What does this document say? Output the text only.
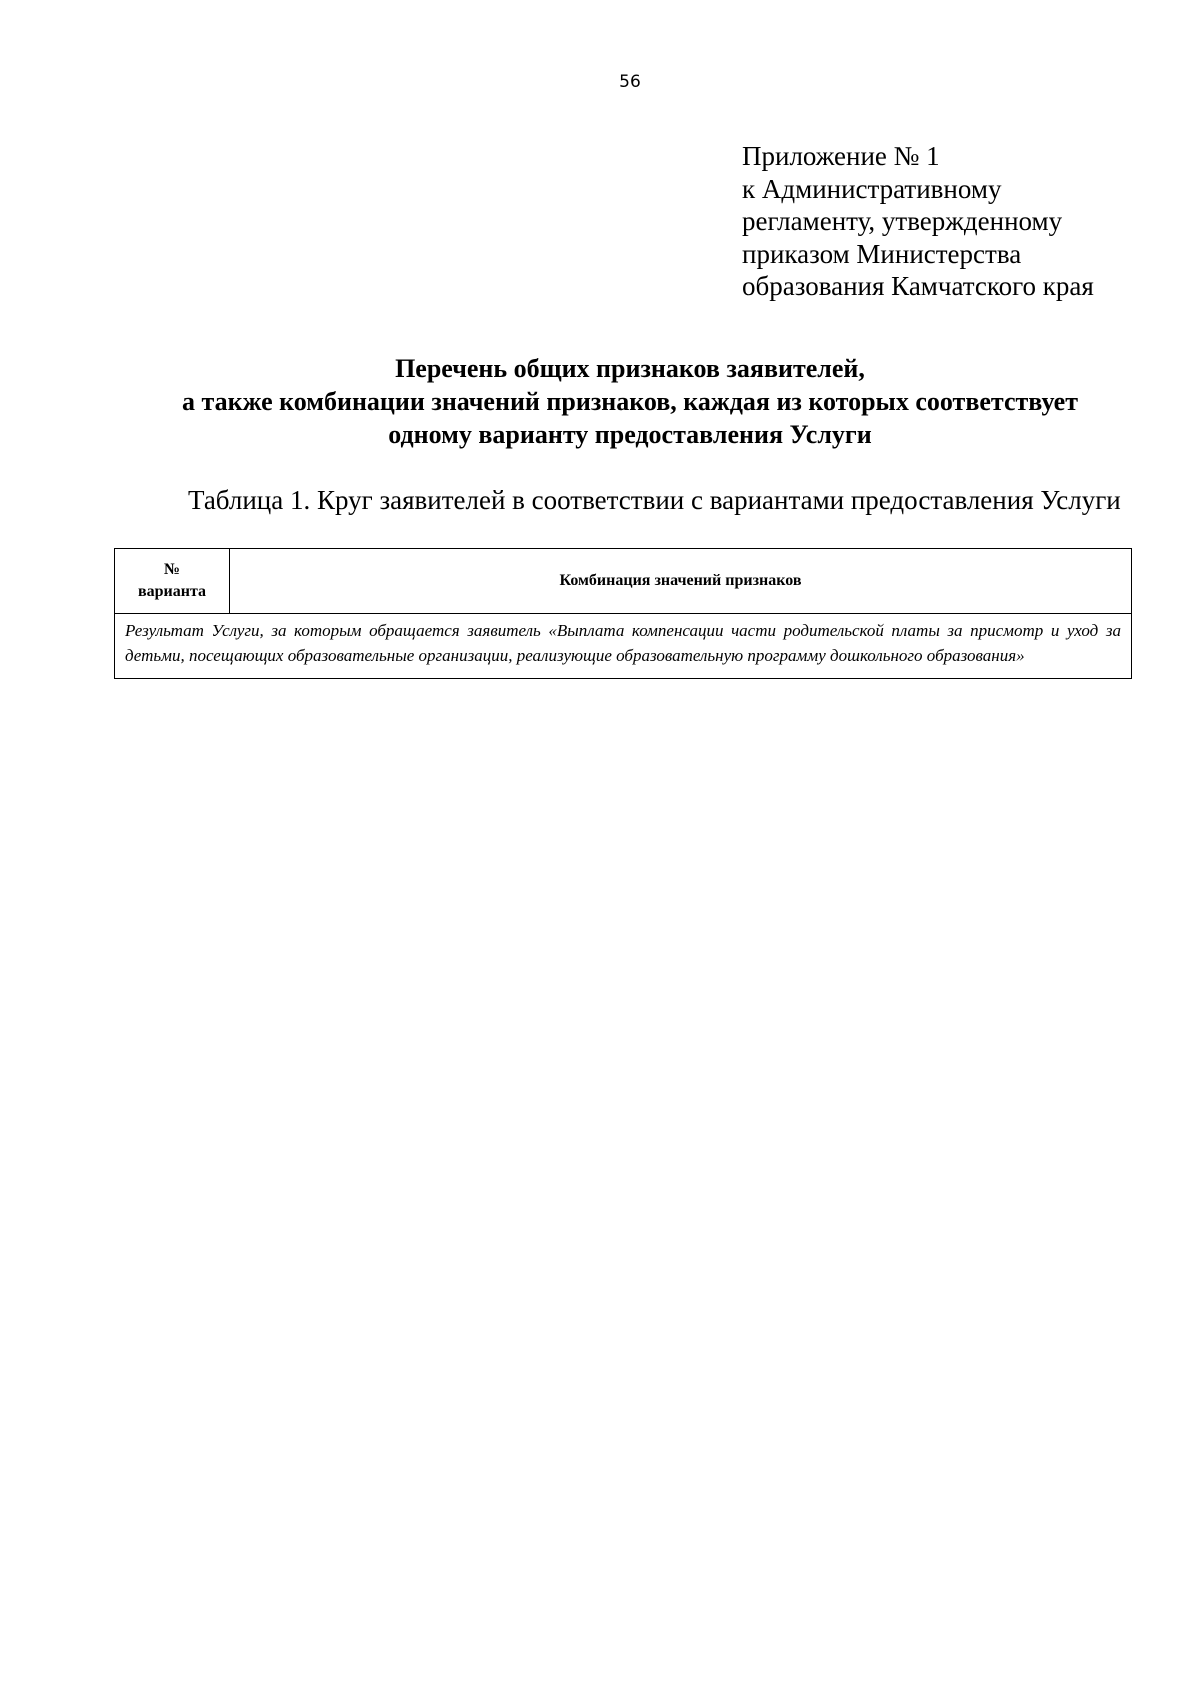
56
Приложение № 1
к Административному
регламенту, утвержденному
приказом Министерства
образования Камчатского края
Перечень общих признаков заявителей,
а также комбинации значений признаков, каждая из которых соответствует
одному варианту предоставления Услуги
Таблица 1. Круг заявителей в соответствии с вариантами предоставления Услуги
№
варианта
	Комбинация значений признаков
Результат Услуги, за которым обращается заявитель «Выплата компенсации части родительской платы за присмотр и уход за детьми, посещающих образовательные организации, реализующие образовательную программу дошкольного образования»
